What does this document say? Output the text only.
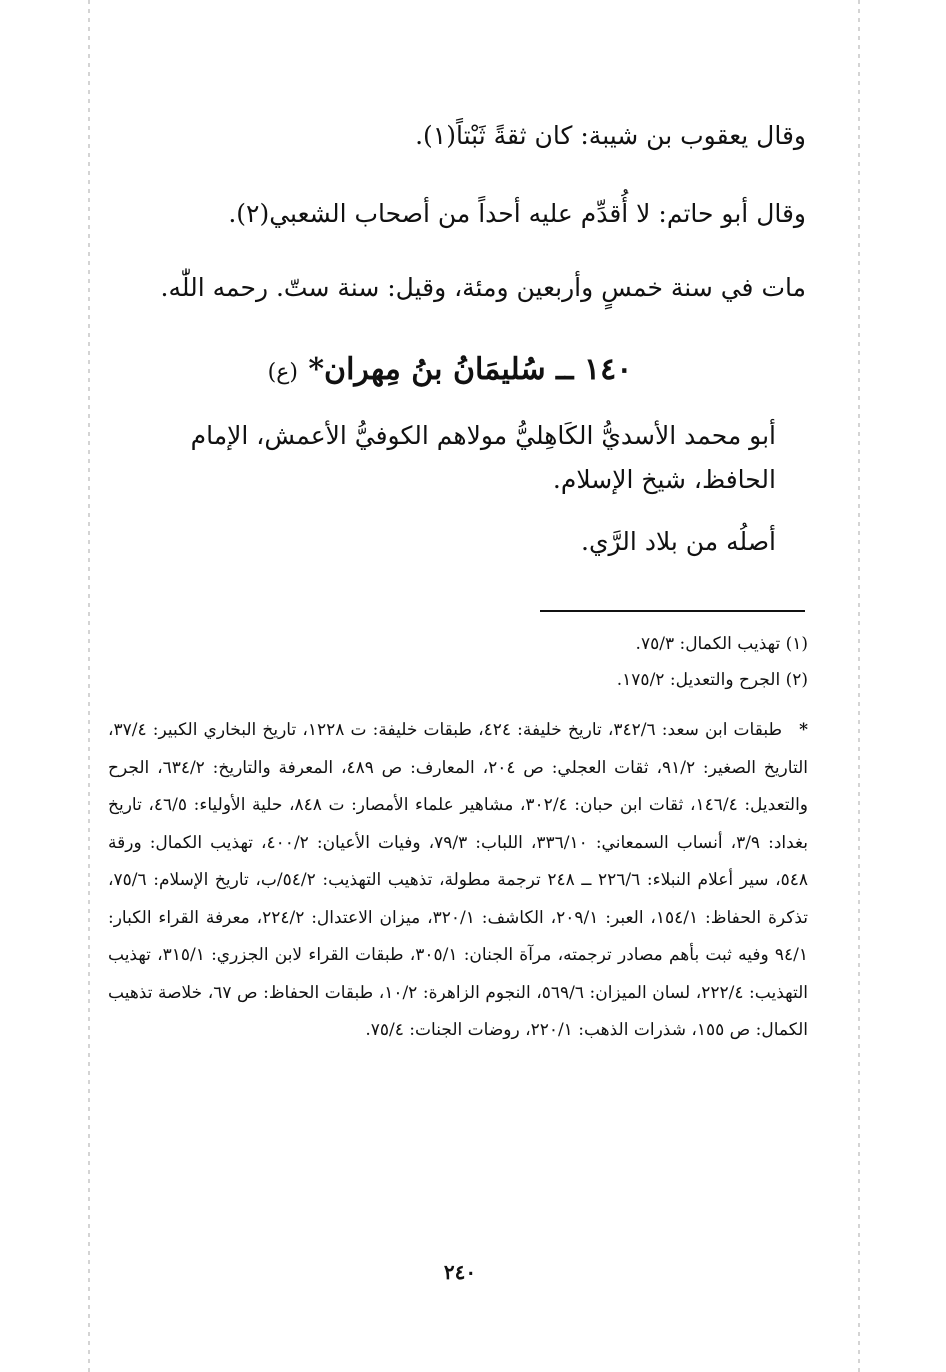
وقال يعقوب بن شيبة: كان ثقةً ثَبْتاً(١).
وقال أبو حاتم: لا أُقدِّم عليه أحداً من أصحاب الشعبي(٢).
مات في سنة خمسٍ وأربعين ومئة، وقيل: سنة ستّ. رحمه اللّٰه.
١٤٠ ــ سُليمَانُ بنُ مِهران* (ع)
أبو محمد الأسديُّ الكَاهِليُّ مولاهم الكوفيُّ الأعمش، الإمام الحافظ، شيخ الإسلام.
أصلُه من بلاد الرَّي.
(١) تهذيب الكمال: ٧٥/٣.
(٢) الجرح والتعديل: ١٧٥/٢.
*طبقات ابن سعد: ٣٤٢/٦، تاريخ خليفة: ٤٢٤، طبقات خليفة: ت ١٢٢٨، تاريخ البخاري الكبير: ٣٧/٤، التاريخ الصغير: ٩١/٢، ثقات العجلي: ص ٢٠٤، المعارف: ص ٤٨٩، المعرفة والتاريخ: ٦٣٤/٢، الجرح والتعديل: ١٤٦/٤، ثقات ابن حبان: ٣٠٢/٤، مشاهير علماء الأمصار: ت ٨٤٨، حلية الأولياء: ٤٦/٥، تاريخ بغداد: ٣/٩، أنساب السمعاني: ٣٣٦/١٠، اللباب: ٧٩/٣، وفيات الأعيان: ٤٠٠/٢، تهذيب الكمال: ورقة ٥٤٨، سير أعلام النبلاء: ٢٢٦/٦ ــ ٢٤٨ ترجمة مطولة، تذهيب التهذيب: ٥٤/٢/ب، تاريخ الإسلام: ٧٥/٦، تذكرة الحفاظ: ١٥٤/١، العبر: ٢٠٩/١، الكاشف: ٣٢٠/١، ميزان الاعتدال: ٢٢٤/٢، معرفة القراء الكبار: ٩٤/١ وفيه ثبت بأهم مصادر ترجمته، مرآة الجنان: ٣٠٥/١، طبقات القراء لابن الجزري: ٣١٥/١، تهذيب التهذيب: ٢٢٢/٤، لسان الميزان: ٥٦٩/٦، النجوم الزاهرة: ١٠/٢، طبقات الحفاظ: ص ٦٧، خلاصة تذهيب الكمال: ص ١٥٥، شذرات الذهب: ٢٢٠/١، روضات الجنات: ٧٥/٤.
٢٤٠
